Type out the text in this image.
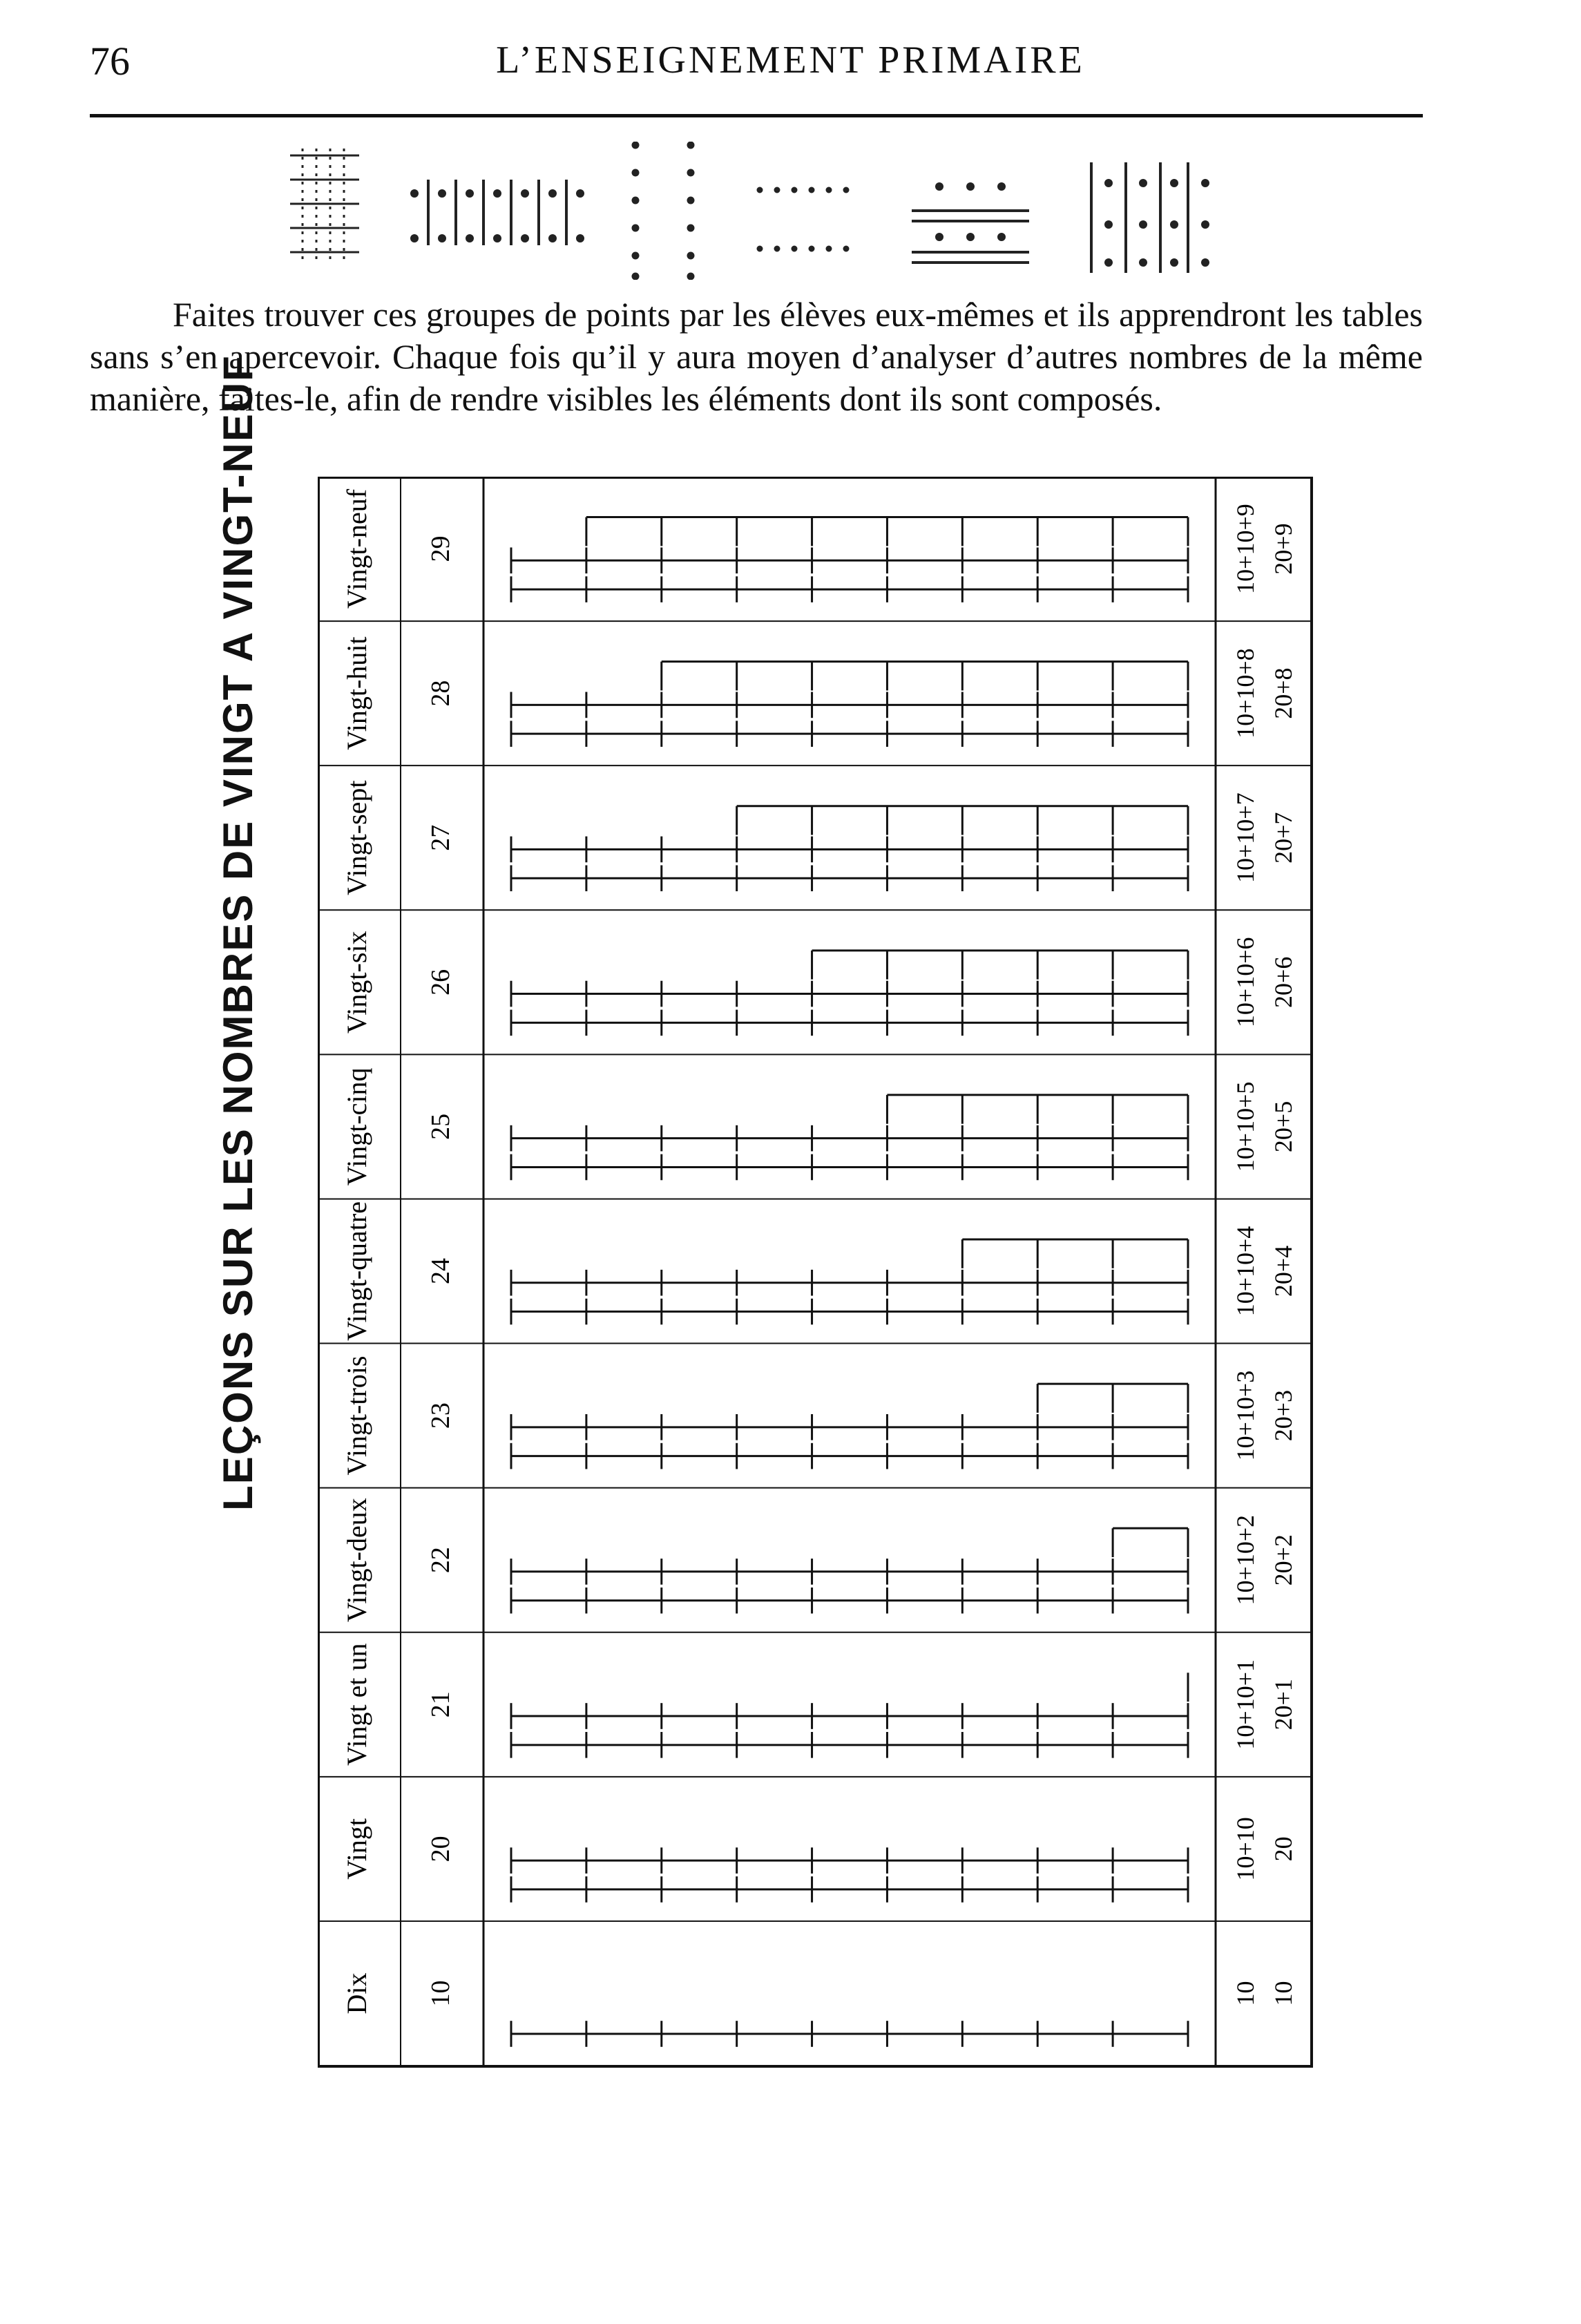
76	L’ENSEIGNEMENT PRIMAIRE
Faites trouver ces groupes de points par les élèves eux-mêmes et ils apprendront les tables sans s’en apercevoir. Chaque fois qu’il y aura moyen d’analyser d’autres nombres de la même manière, faites-le, afin de rendre visibles les éléments dont ils sont composés.
LEÇONS SUR LES NOMBRES DE VINGT A VINGT-NEUF	Vingt-neuf 29	10+10+9 20+9
Vingt-huit 28	10+10+8 20+8
Vingt-sept 27	10+10+7 20+7
Vingt-six 26	10+10+6 20+6
Vingt-cinq 25	10+10+5 20+5
Vingt-quatre 24	10+10+4 20+4
Vingt-trois 23	10+10+3 20+3
Vingt-deux 22	10+10+2 20+2
Vingt et un 21	10+10+1 20+1
Vingt 20	10+10 20
Dix 10	10 10
